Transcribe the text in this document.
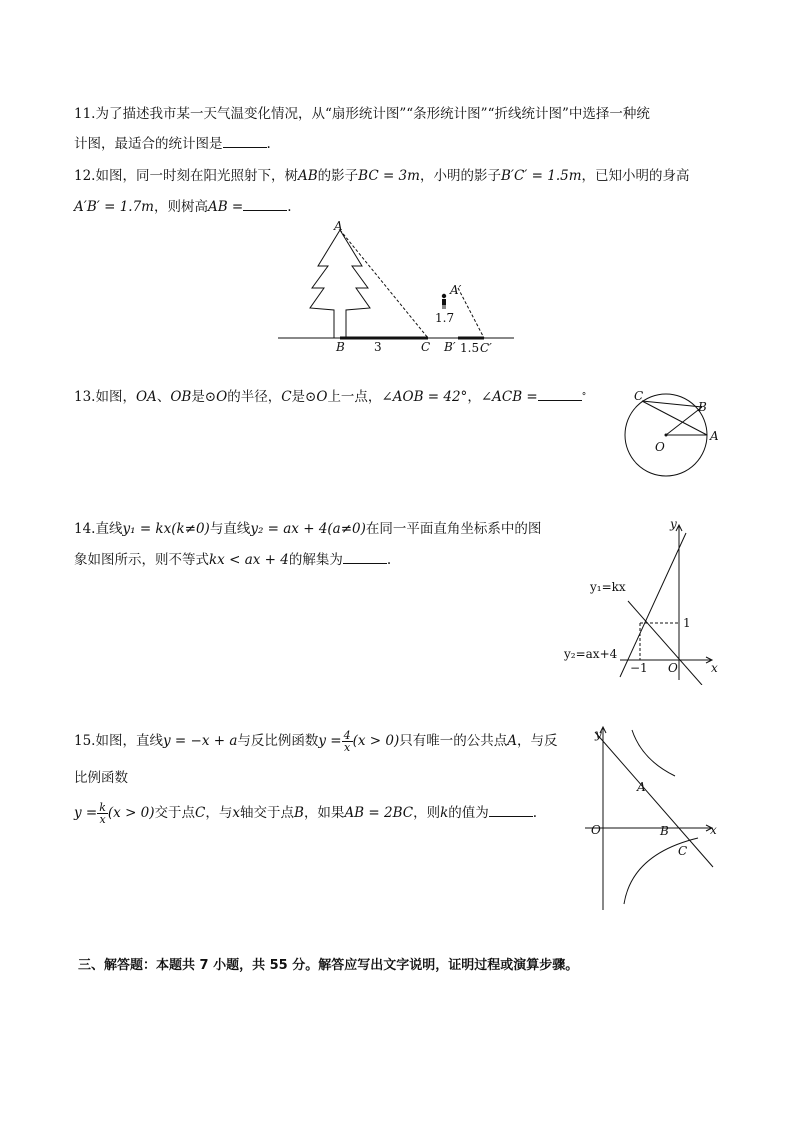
11.为了描述我市某一天气温变化情况，从“扇形统计图”“条形统计图”“折线统计图”中选择一种统
计图，最适合的统计图是	.
12.如图，同一时刻在阳光照射下，树AB的影子BC = 3m，小明的影子B′C′ = 1.5m，已知小明的身高
A′B′ = 1.7m，则树高AB =	.
A
B	C
3
A′
1.7
B′ 1.5 C′
13.如图，OA、OB是⊙O的半径，C是⊙O上一点，∠AOB = 42°，∠ACB =	°	C
B
A
O
14.直线y₁ = kx(k≠0)与直线y₂ = ax + 4(a≠0)在同一平面直角坐标系中的图
象如图所示，则不等式kx < ax + 4的解集为	.
y
x
O
1
−1
y₁=kx
y₂=ax+4
15.如图，直线y = −x + a与反比例函数$y = \frac{4}{x} (x > 0)$只有唯一的公共点A，与反
比例函数
$y = \frac{k}{x} (x > 0)$交于点C，与x轴交于点B，如果AB = 2BC，则k的值为	.
y
x
O
A
B
C
三、解答题：本题共 7 小题，共 55 分。解答应写出文字说明，证明过程或演算步骤。
